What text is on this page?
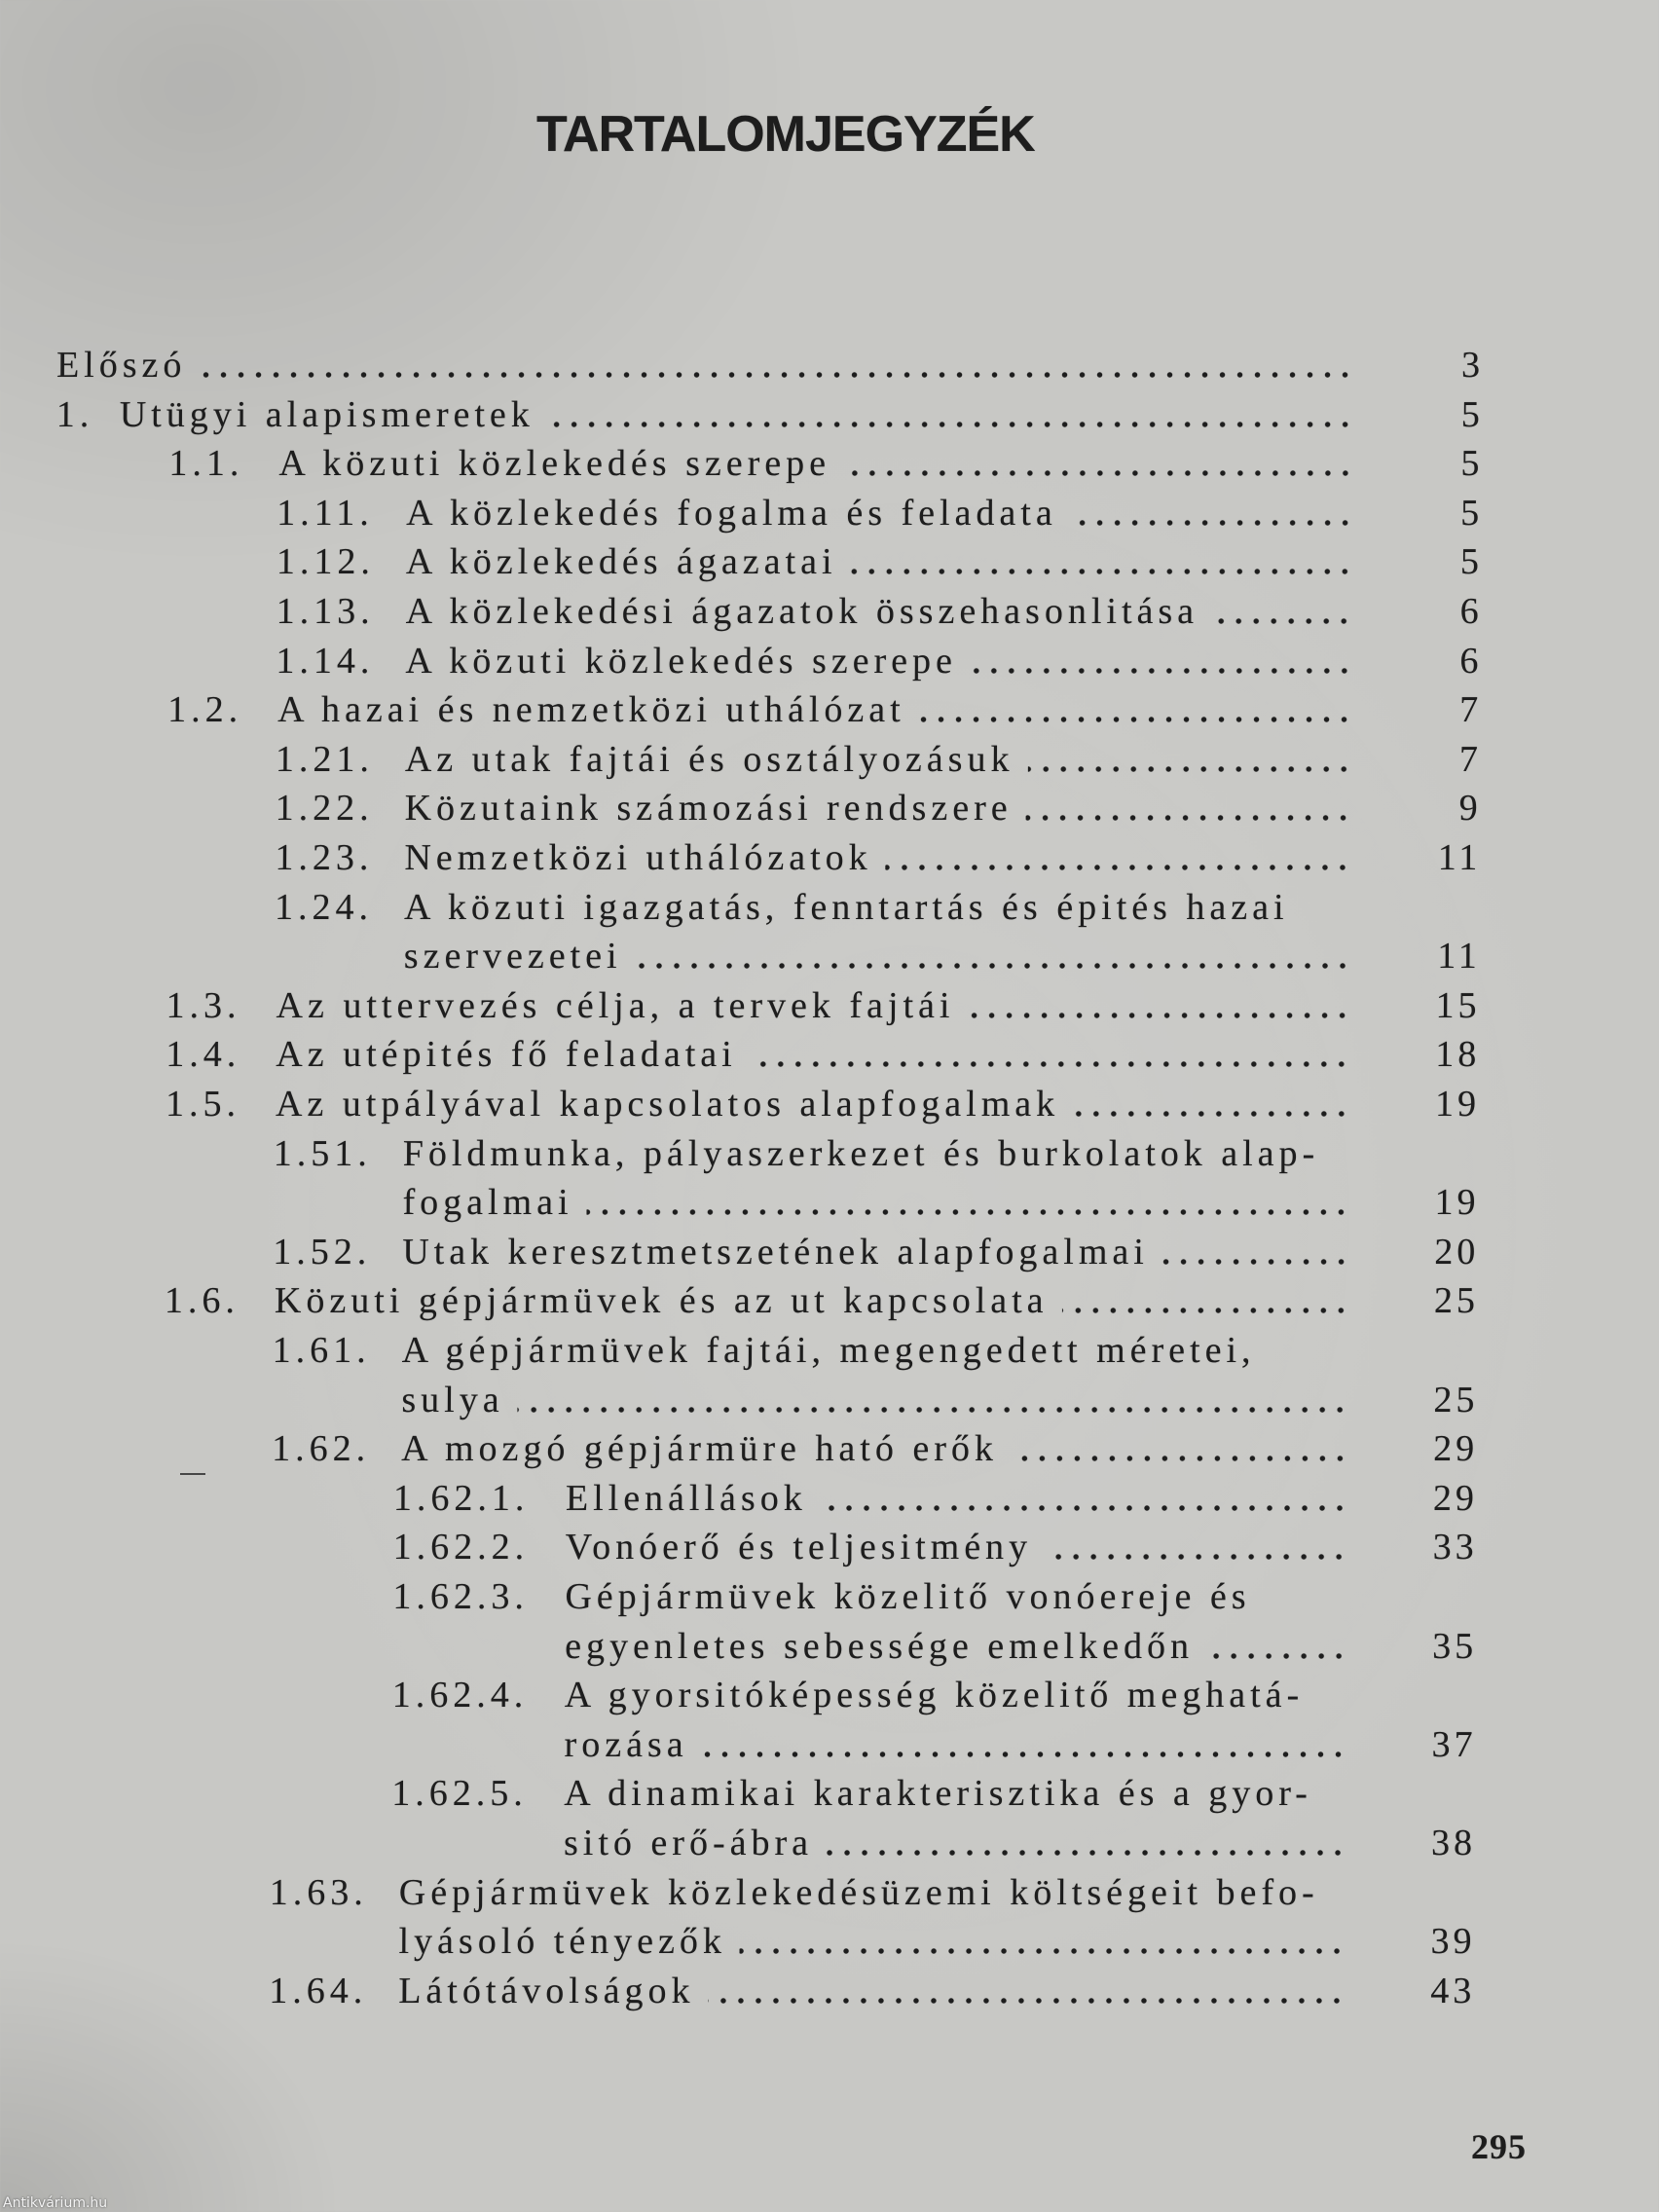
TARTALOMJEGYZÉK
Előszó	3
1. Utügyi alapismeretek	5
1.1. A közuti közlekedés szerepe	5
1.11. A közlekedés fogalma és feladata	5
1.12. A közlekedés ágazatai	5
1.13. A közlekedési ágazatok összehasonlitása	6
1.14. A közuti közlekedés szerepe	6
1.2. A hazai és nemzetközi uthálózat	7
1.21. Az utak fajtái és osztályozásuk	7
1.22. Közutaink számozási rendszere	9
1.23. Nemzetközi uthálózatok	11
1.24. A közuti igazgatás, fenntartás és épités hazai
szervezetei	11
1.3. Az uttervezés célja, a tervek fajtái	15
1.4. Az utépités fő feladatai	18
1.5. Az utpályával kapcsolatos alapfogalmak	19
1.51. Földmunka, pályaszerkezet és burkolatok alap-
fogalmai	19
1.52. Utak keresztmetszetének alapfogalmai	20
1.6. Közuti gépjármüvek és az ut kapcsolata	25
1.61. A gépjármüvek fajtái, megengedett méretei,
sulya	25
1.62. A mozgó gépjármüre ható erők	29
1.62.1. Ellenállások	29
1.62.2. Vonóerő és teljesitmény	33
1.62.3. Gépjármüvek közelitő vonóereje és
egyenletes sebessége emelkedőn	35
1.62.4. A gyorsitóképesség közelitő meghatá-
rozása	37
1.62.5. A dinamikai karakterisztika és a gyor-
sitó erő-ábra	38
1.63. Gépjármüvek közlekedésüzemi költségeit befo-
lyásoló tényezők	39
1.64. Látótávolságok	43
295
Antikvárium.hu
